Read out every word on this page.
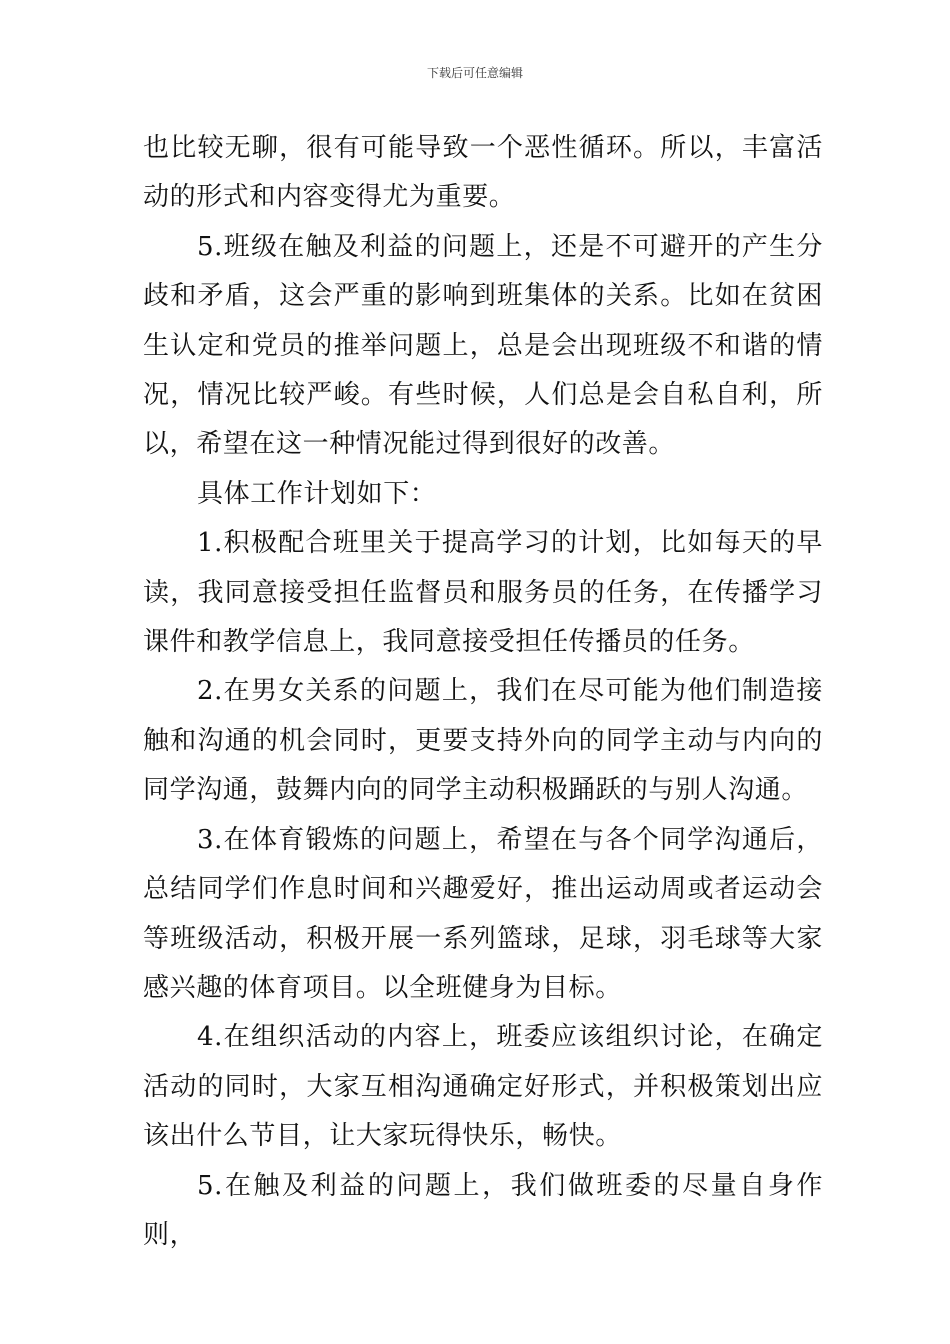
下载后可任意编辑

也比较无聊，很有可能导致一个恶性循环。所以，丰富活动的形式和内容变得尤为重要。

5.班级在触及利益的问题上，还是不可避开的产生分歧和矛盾，这会严重的影响到班集体的关系。比如在贫困生认定和党员的推举问题上，总是会出现班级不和谐的情况，情况比较严峻。有些时候，人们总是会自私自利，所以，希望在这一种情况能过得到很好的改善。

具体工作计划如下：

1.积极配合班里关于提高学习的计划，比如每天的早读，我同意接受担任监督员和服务员的任务，在传播学习课件和教学信息上，我同意接受担任传播员的任务。

2.在男女关系的问题上，我们在尽可能为他们制造接触和沟通的机会同时，更要支持外向的同学主动与内向的同学沟通，鼓舞内向的同学主动积极踊跃的与别人沟通。

3.在体育锻炼的问题上，希望在与各个同学沟通后，总结同学们作息时间和兴趣爱好，推出运动周或者运动会等班级活动，积极开展一系列篮球，足球，羽毛球等大家感兴趣的体育项目。以全班健身为目标。

4.在组织活动的内容上，班委应该组织讨论，在确定活动的同时，大家互相沟通确定好形式，并积极策划出应该出什么节目，让大家玩得快乐，畅快。

5.在触及利益的问题上，我们做班委的尽量自身作则，
